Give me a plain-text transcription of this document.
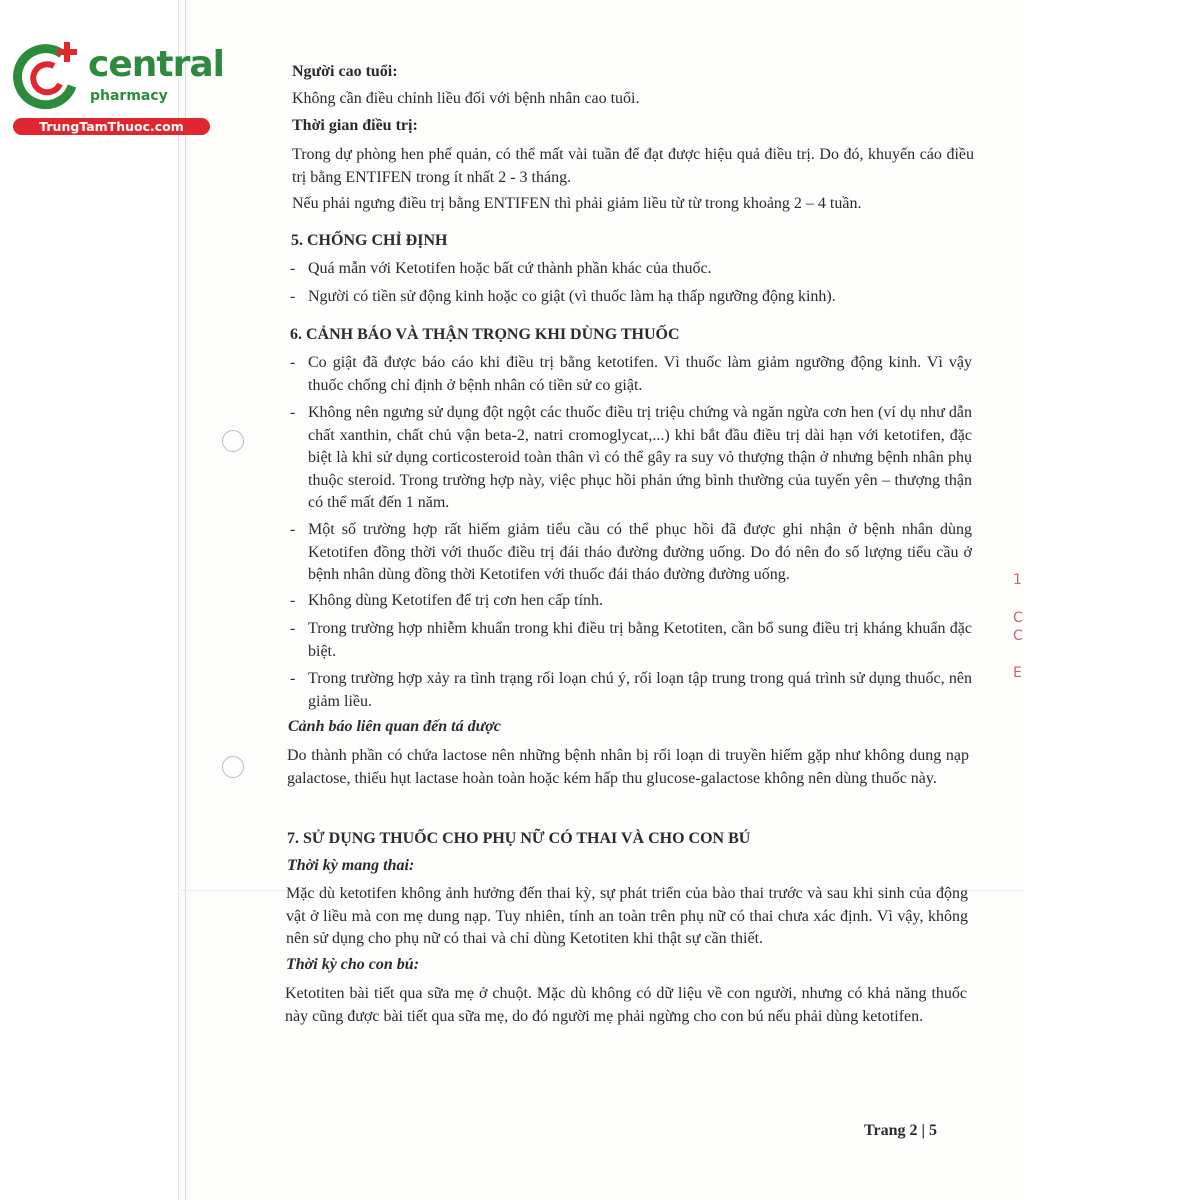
central
pharmacy
TrungTamThuoc.com
Người cao tuổi:
Không cần điều chỉnh liều đối với bệnh nhân cao tuổi.
Thời gian điều trị:
Trong dự phòng hen phế quản, có thể mất vài tuần để đạt được hiệu quả điều trị. Do đó, khuyến cáo điều trị bằng ENTIFEN trong ít nhất 2 - 3 tháng.
Nếu phải ngưng điều trị bằng ENTIFEN thì phải giảm liều từ từ trong khoảng 2 – 4 tuần.
5. CHỐNG CHỈ ĐỊNH
- Quá mẫn với Ketotifen hoặc bất cứ thành phần khác của thuốc.
- Người có tiền sử động kinh hoặc co giật (vì thuốc làm hạ thấp ngưỡng động kinh).
6. CẢNH BÁO VÀ THẬN TRỌNG KHI DÙNG THUỐC
- Co giật đã được báo cáo khi điều trị bằng ketotifen. Vì thuốc làm giảm ngưỡng động kinh. Vì vậy thuốc chống chỉ định ở bệnh nhân có tiền sử co giật.
- Không nên ngưng sử dụng đột ngột các thuốc điều trị triệu chứng và ngăn ngừa cơn hen (ví dụ như dẫn chất xanthin, chất chủ vận beta-2, natri cromoglycat,...) khi bắt đầu điều trị dài hạn với ketotifen, đặc biệt là khi sử dụng corticosteroid toàn thân vì có thể gây ra suy vỏ thượng thận ở nhưng bệnh nhân phụ thuộc steroid. Trong trường hợp này, việc phục hồi phản ứng bình thường của tuyến yên – thượng thận có thể mất đến 1 năm.
- Một số trường hợp rất hiếm giảm tiểu cầu có thể phục hồi đã được ghi nhận ở bệnh nhân dùng Ketotifen đồng thời với thuốc điều trị đái tháo đường đường uống. Do đó nên đo số lượng tiểu cầu ở bệnh nhân dùng đồng thời Ketotifen với thuốc đái tháo đường đường uống.
- Không dùng Ketotifen để trị cơn hen cấp tính.
- Trong trường hợp nhiễm khuẩn trong khi điều trị bằng Ketotiten, cần bổ sung điều trị kháng khuẩn đặc biệt.
- Trong trường hợp xảy ra tình trạng rối loạn chú ý, rối loạn tập trung trong quá trình sử dụng thuốc, nên giảm liều.
Cảnh báo liên quan đến tá dược
Do thành phần có chứa lactose nên những bệnh nhân bị rối loạn di truyền hiếm gặp như không dung nạp galactose, thiếu hụt lactase hoàn toàn hoặc kém hấp thu glucose-galactose không nên dùng thuốc này.
7. SỬ DỤNG THUỐC CHO PHỤ NỮ CÓ THAI VÀ CHO CON BÚ
Thời kỳ mang thai:
Mặc dù ketotifen không ảnh hưởng đến thai kỳ, sự phát triển của bào thai trước và sau khi sinh của động vật ở liều mà con mẹ dung nạp. Tuy nhiên, tính an toàn trên phụ nữ có thai chưa xác định. Vì vậy, không nên sử dụng cho phụ nữ có thai và chỉ dùng Ketotiten khi thật sự cần thiết.
Thời kỳ cho con bú:
Ketotiten bài tiết qua sữa mẹ ở chuột. Mặc dù không có dữ liệu về con người, nhưng có khả năng thuốc này cũng được bài tiết qua sữa mẹ, do đó người mẹ phải ngừng cho con bú nếu phải dùng ketotifen.
1
C
C
E
Trang 2 | 5
